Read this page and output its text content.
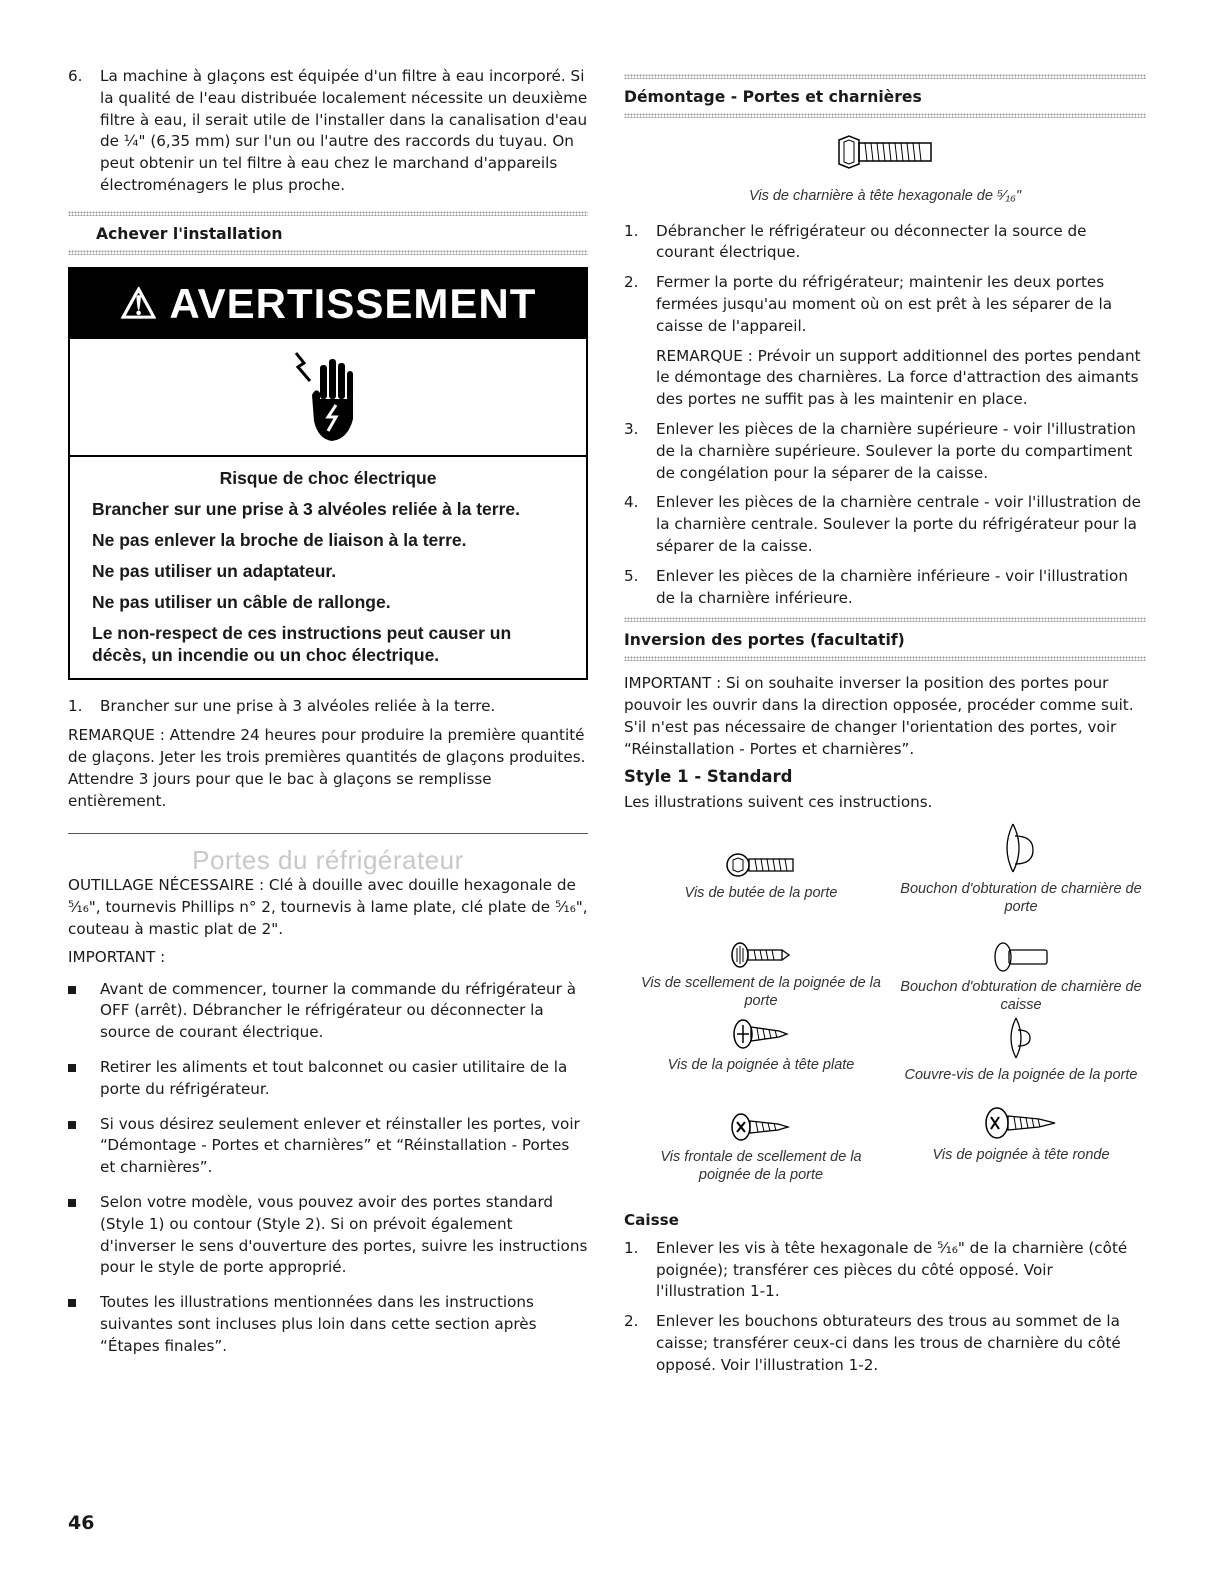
6. La machine à glaçons est équipée d'un filtre à eau incorporé. Si la qualité de l'eau distribuée localement nécessite un deuxième filtre à eau, il serait utile de l'installer dans la canalisation d'eau de ¼" (6,35 mm) sur l'un ou l'autre des raccords du tuyau. On peut obtenir un tel filtre à eau chez le marchand d'appareils électroménagers le plus proche.
Achever l'installation
⚠ AVERTISSEMENT
Risque de choc électrique
Brancher sur une prise à 3 alvéoles reliée à la terre.
Ne pas enlever la broche de liaison à la terre.
Ne pas utiliser un adaptateur.
Ne pas utiliser un câble de rallonge.
Le non-respect de ces instructions peut causer un décès, un incendie ou un choc électrique.
1. Brancher sur une prise à 3 alvéoles reliée à la terre.

REMARQUE : Attendre 24 heures pour produire la première quantité de glaçons. Jeter les trois premières quantités de glaçons produites. Attendre 3 jours pour que le bac à glaçons se remplisse entièrement.

Portes du réfrigérateur

OUTILLAGE NÉCESSAIRE : Clé à douille avec douille hexagonale de ⁵⁄₁₆", tournevis Phillips n° 2, tournevis à lame plate, clé plate de ⁵⁄₁₆", couteau à mastic plat de 2".

IMPORTANT :

Avant de commencer, tourner la commande du réfrigérateur à OFF (arrêt). Débrancher le réfrigérateur ou déconnecter la source de courant électrique.
Retirer les aliments et tout balconnet ou casier utilitaire de la porte du réfrigérateur.
Si vous désirez seulement enlever et réinstaller les portes, voir “Démontage - Portes et charnières” et “Réinstallation - Portes et charnières”.
Selon votre modèle, vous pouvez avoir des portes standard (Style 1) ou contour (Style 2). Si on prévoit également d'inverser le sens d'ouverture des portes, suivre les instructions pour le style de porte approprié.
Toutes les illustrations mentionnées dans les instructions suivantes sont incluses plus loin dans cette section après “Étapes finales”.
Démontage - Portes et charnières
Vis de charnière à tête hexagonale de ⁵⁄₁₆"
1. Débrancher le réfrigérateur ou déconnecter la source de courant électrique.
2. Fermer la porte du réfrigérateur; maintenir les deux portes fermées jusqu'au moment où on est prêt à les séparer de la caisse de l'appareil.
REMARQUE : Prévoir un support additionnel des portes pendant le démontage des charnières. La force d'attraction des aimants des portes ne suffit pas à les maintenir en place.
3. Enlever les pièces de la charnière supérieure - voir l'illustration de la charnière supérieure. Soulever la porte du compartiment de congélation pour la séparer de la caisse.
4. Enlever les pièces de la charnière centrale - voir l'illustration de la charnière centrale. Soulever la porte du réfrigérateur pour la séparer de la caisse.
5. Enlever les pièces de la charnière inférieure - voir l'illustration de la charnière inférieure.
Inversion des portes (facultatif)

IMPORTANT : Si on souhaite inverser la position des portes pour pouvoir les ouvrir dans la direction opposée, procéder comme suit. S'il n'est pas nécessaire de changer l'orientation des portes, voir “Réinstallation - Portes et charnières”.

Style 1 - Standard

Les illustrations suivent ces instructions.

Vis de butée de la porte	Bouchon d'obturation de charnière de porte
Vis de scellement de la poignée de la porte
Bouchon d'obturation de charnière de caisse
Vis de la poignée à tête plate
Couvre-vis de la poignée de la porte
Vis frontale de scellement de la poignée de la porte
Vis de poignée à tête ronde
Caisse
1. Enlever les vis à tête hexagonale de ⁵⁄₁₆" de la charnière (côté poignée); transférer ces pièces du côté opposé. Voir l'illustration 1-1.
2. Enlever les bouchons obturateurs des trous au sommet de la caisse; transférer ceux-ci dans les trous de charnière du côté opposé. Voir l'illustration 1-2.
46
